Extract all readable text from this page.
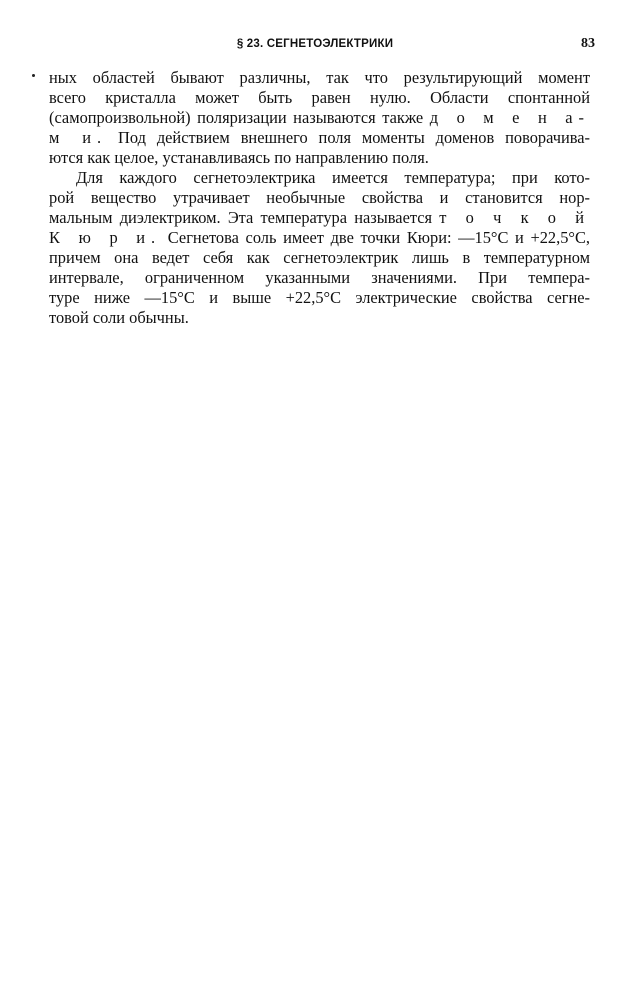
§ 23. СЕГНЕТОЭЛЕКТРИКИ	83
ных областей бывают различны, так что результирующий момент
всего кристалла может быть равен нулю. Области спонтанной
(самопроизвольной) поляризации называются также д о м е н а-
м и. Под действием внешнего поля моменты доменов поворачива-
ются как целое, устанавливаясь по направлению поля.
Для каждого сегнетоэлектрика имеется температура; при кото-
рой вещество утрачивает необычные свойства и становится нор-
мальным диэлектриком. Эта температура называется т о ч к о й
К ю р и. Сегнетова соль имеет две точки Кюри: —15°С и +22,5°С,
причем она ведет себя как сегнетоэлектрик лишь в температурном
интервале, ограниченном указанными значениями. При темпера-
туре ниже —15°С и выше +22,5°С электрические свойства сегне-
товой соли обычны.
